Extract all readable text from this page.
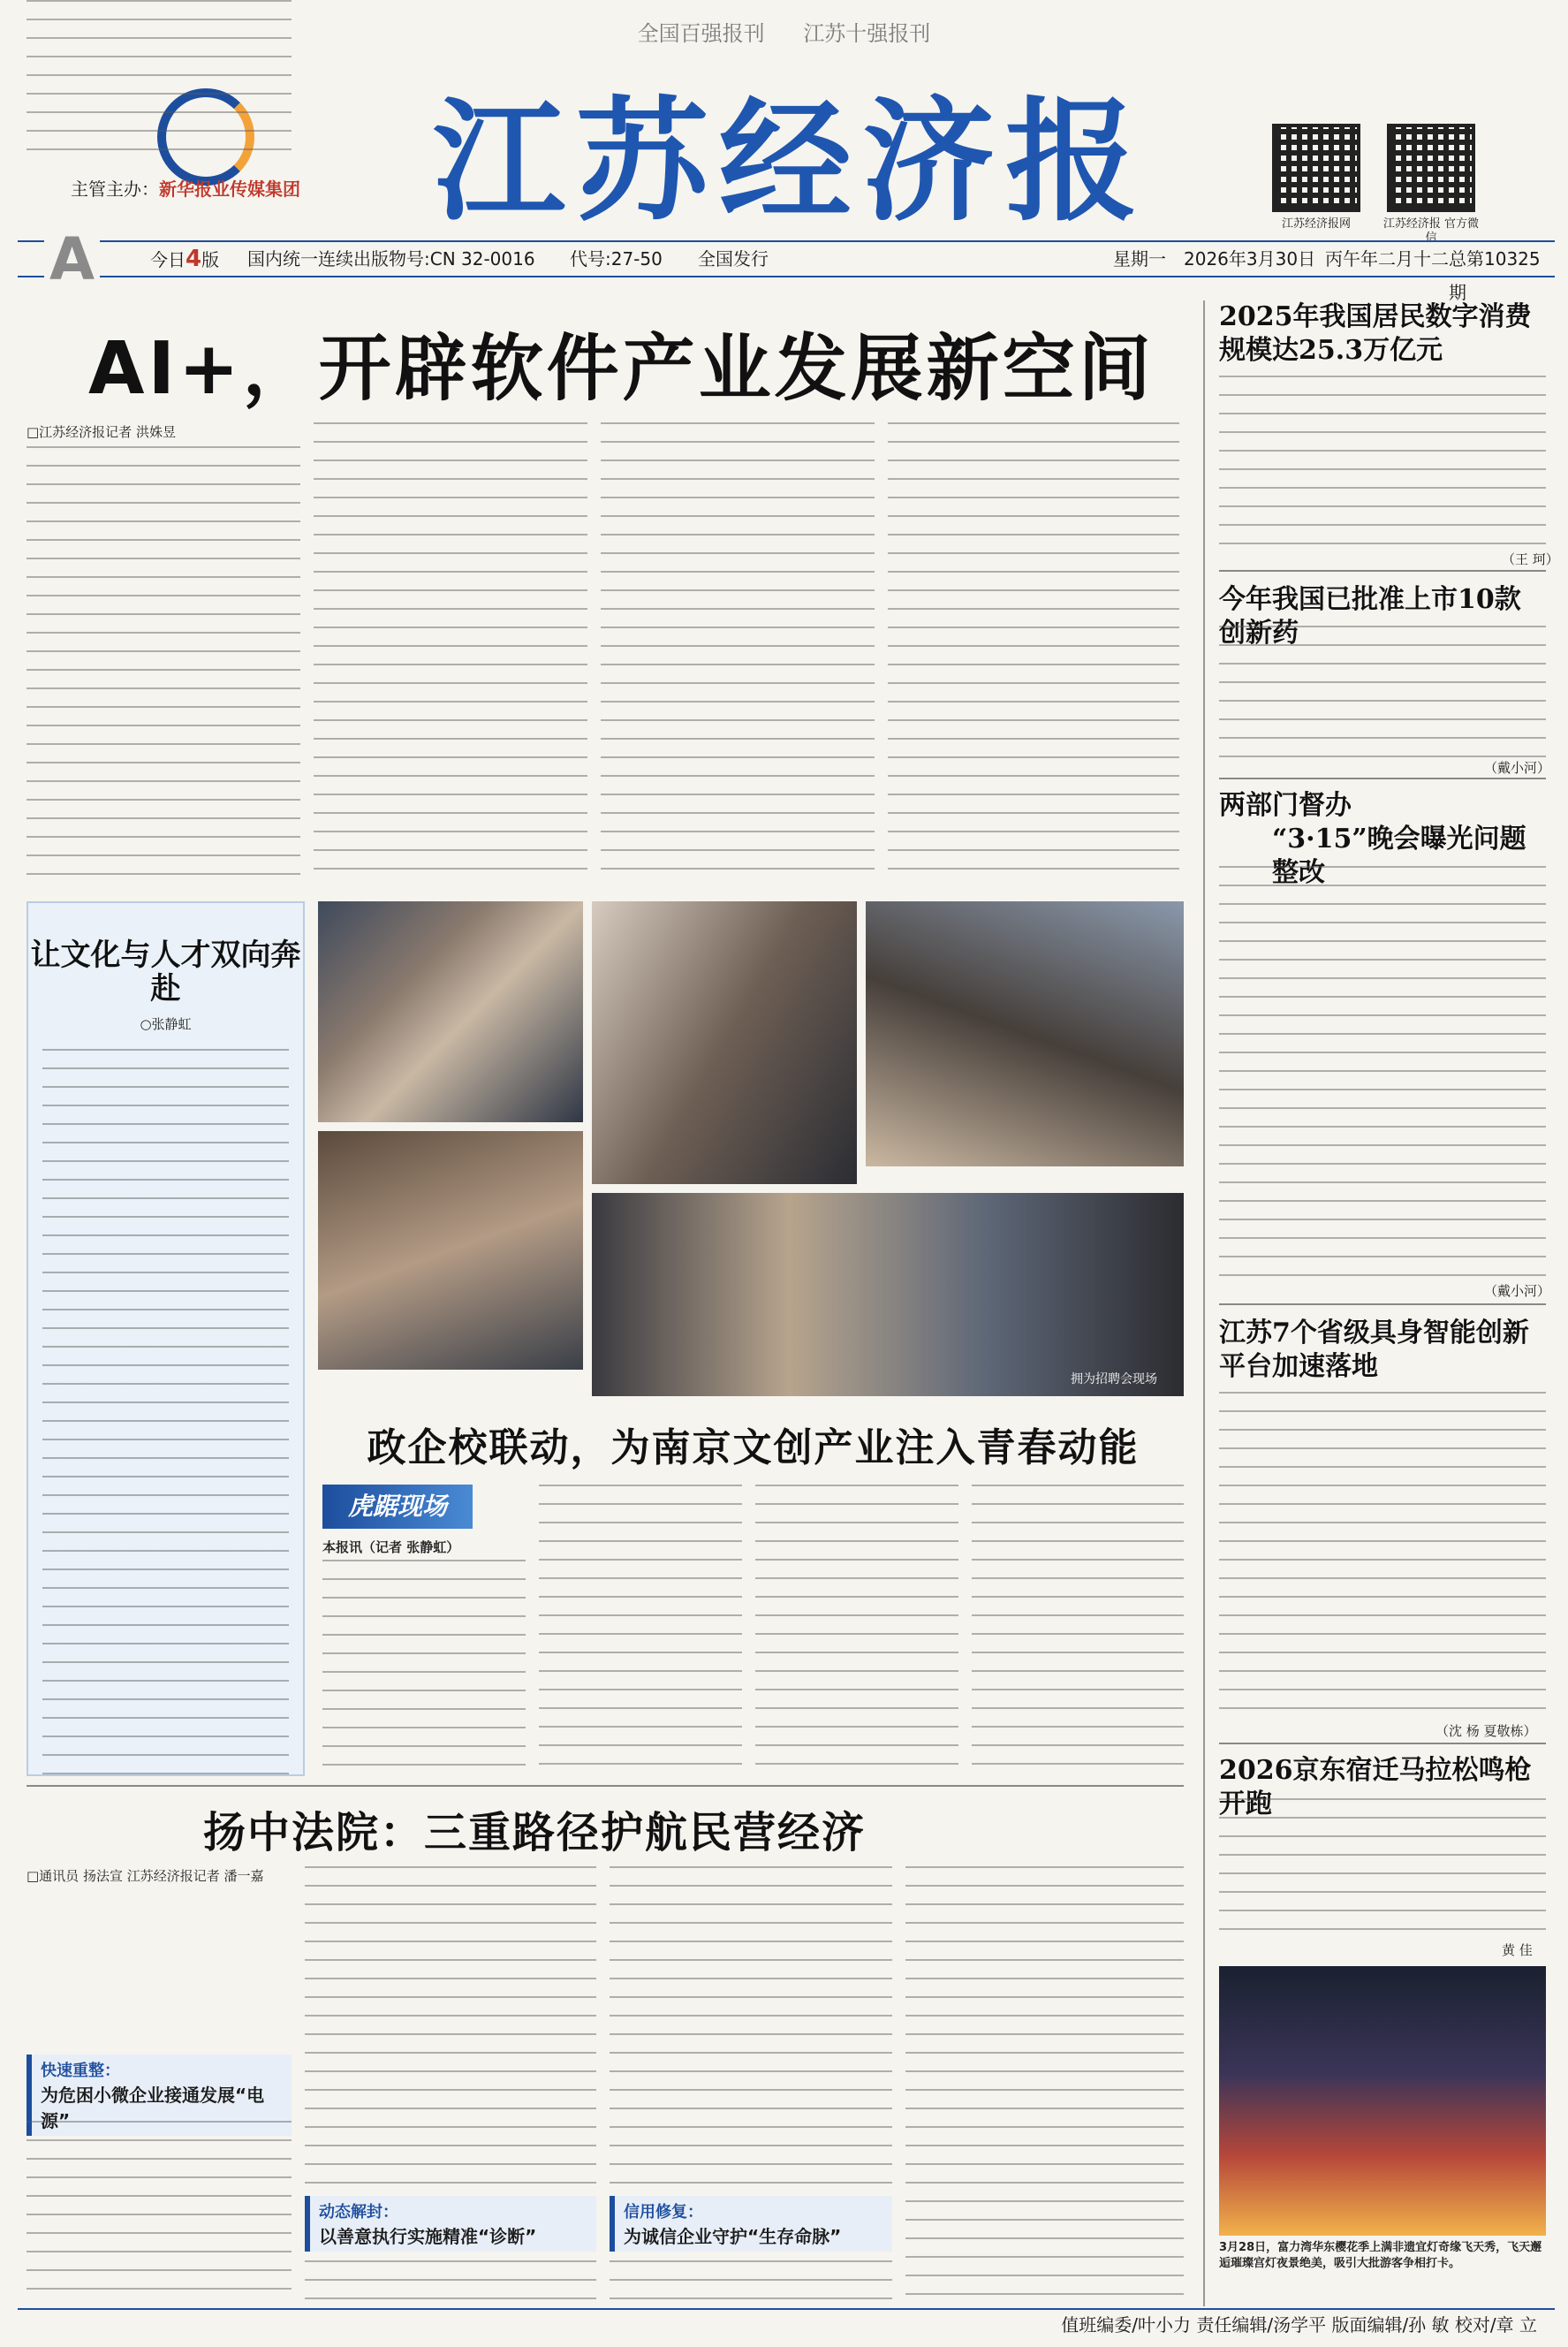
全国百强报刊 江苏十强报刊
主管主办：新华报业传媒集团 江苏经济报	江苏经济报网	江苏经济报 官方微信
今日4版 国内统一连续出版物号:CN 32-0016 代号:27-50 全国发行	星期一 2026年3月30日 丙午年二月十二 总第10325期
A
AI+，开辟软件产业发展新空间
□江苏经济报记者 洪姝昱
让文化与人才双向奔赴
○张静虹
拥为招聘会现场
政企校联动，为南京文创产业注入青春动能
虎踞现场
本报讯（记者 张静虹）
扬中法院：三重路径护航民营经济
□通讯员 扬法宣 江苏经济报记者 潘一嘉
快速重整：
为危困小微企业接通发展“电源”
动态解封：
以善意执行实施精准“诊断”
信用修复：
为诚信企业守护“生存命脉”
2025年我国居民数字消费规模达25.3万亿元
（王 珂）
今年我国已批准上市10款创新药
（戴小河）
两部门督办
“3·15”晚会曝光问题整改
（戴小河）
江苏7个省级具身智能创新平台加速落地
（沈 杨 夏敬栋）
2026京东宿迁马拉松鸣枪开跑
黄 佳
3月28日，富力湾华东樱花季上满非遗宜灯奇缘飞天秀，飞天邂逅璀璨宫灯夜景绝美，吸引大批游客争相打卡。
值班编委/叶小力 责任编辑/汤学平 版面编辑/孙 敏 校对/章 立
